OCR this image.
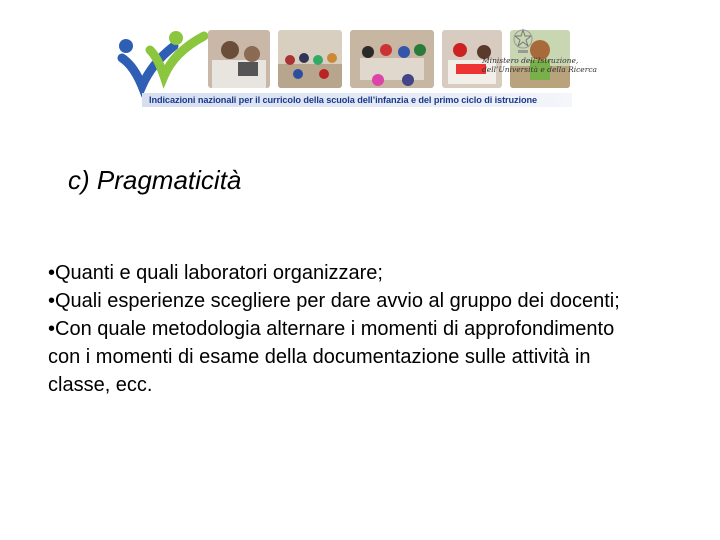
Ministero dell’Istruzione,
dell’Università e della Ricerca
Indicazioni nazionali per il curricolo della scuola dell’infanzia e del primo ciclo di istruzione
c) Pragmaticità

•Quanti e quali laboratori organizzare;

•Quali esperienze scegliere per dare avvio al gruppo dei docenti;

•Con quale metodologia alternare i momenti di approfondimento con i momenti di esame della documentazione sulle attività in classe, ecc.
